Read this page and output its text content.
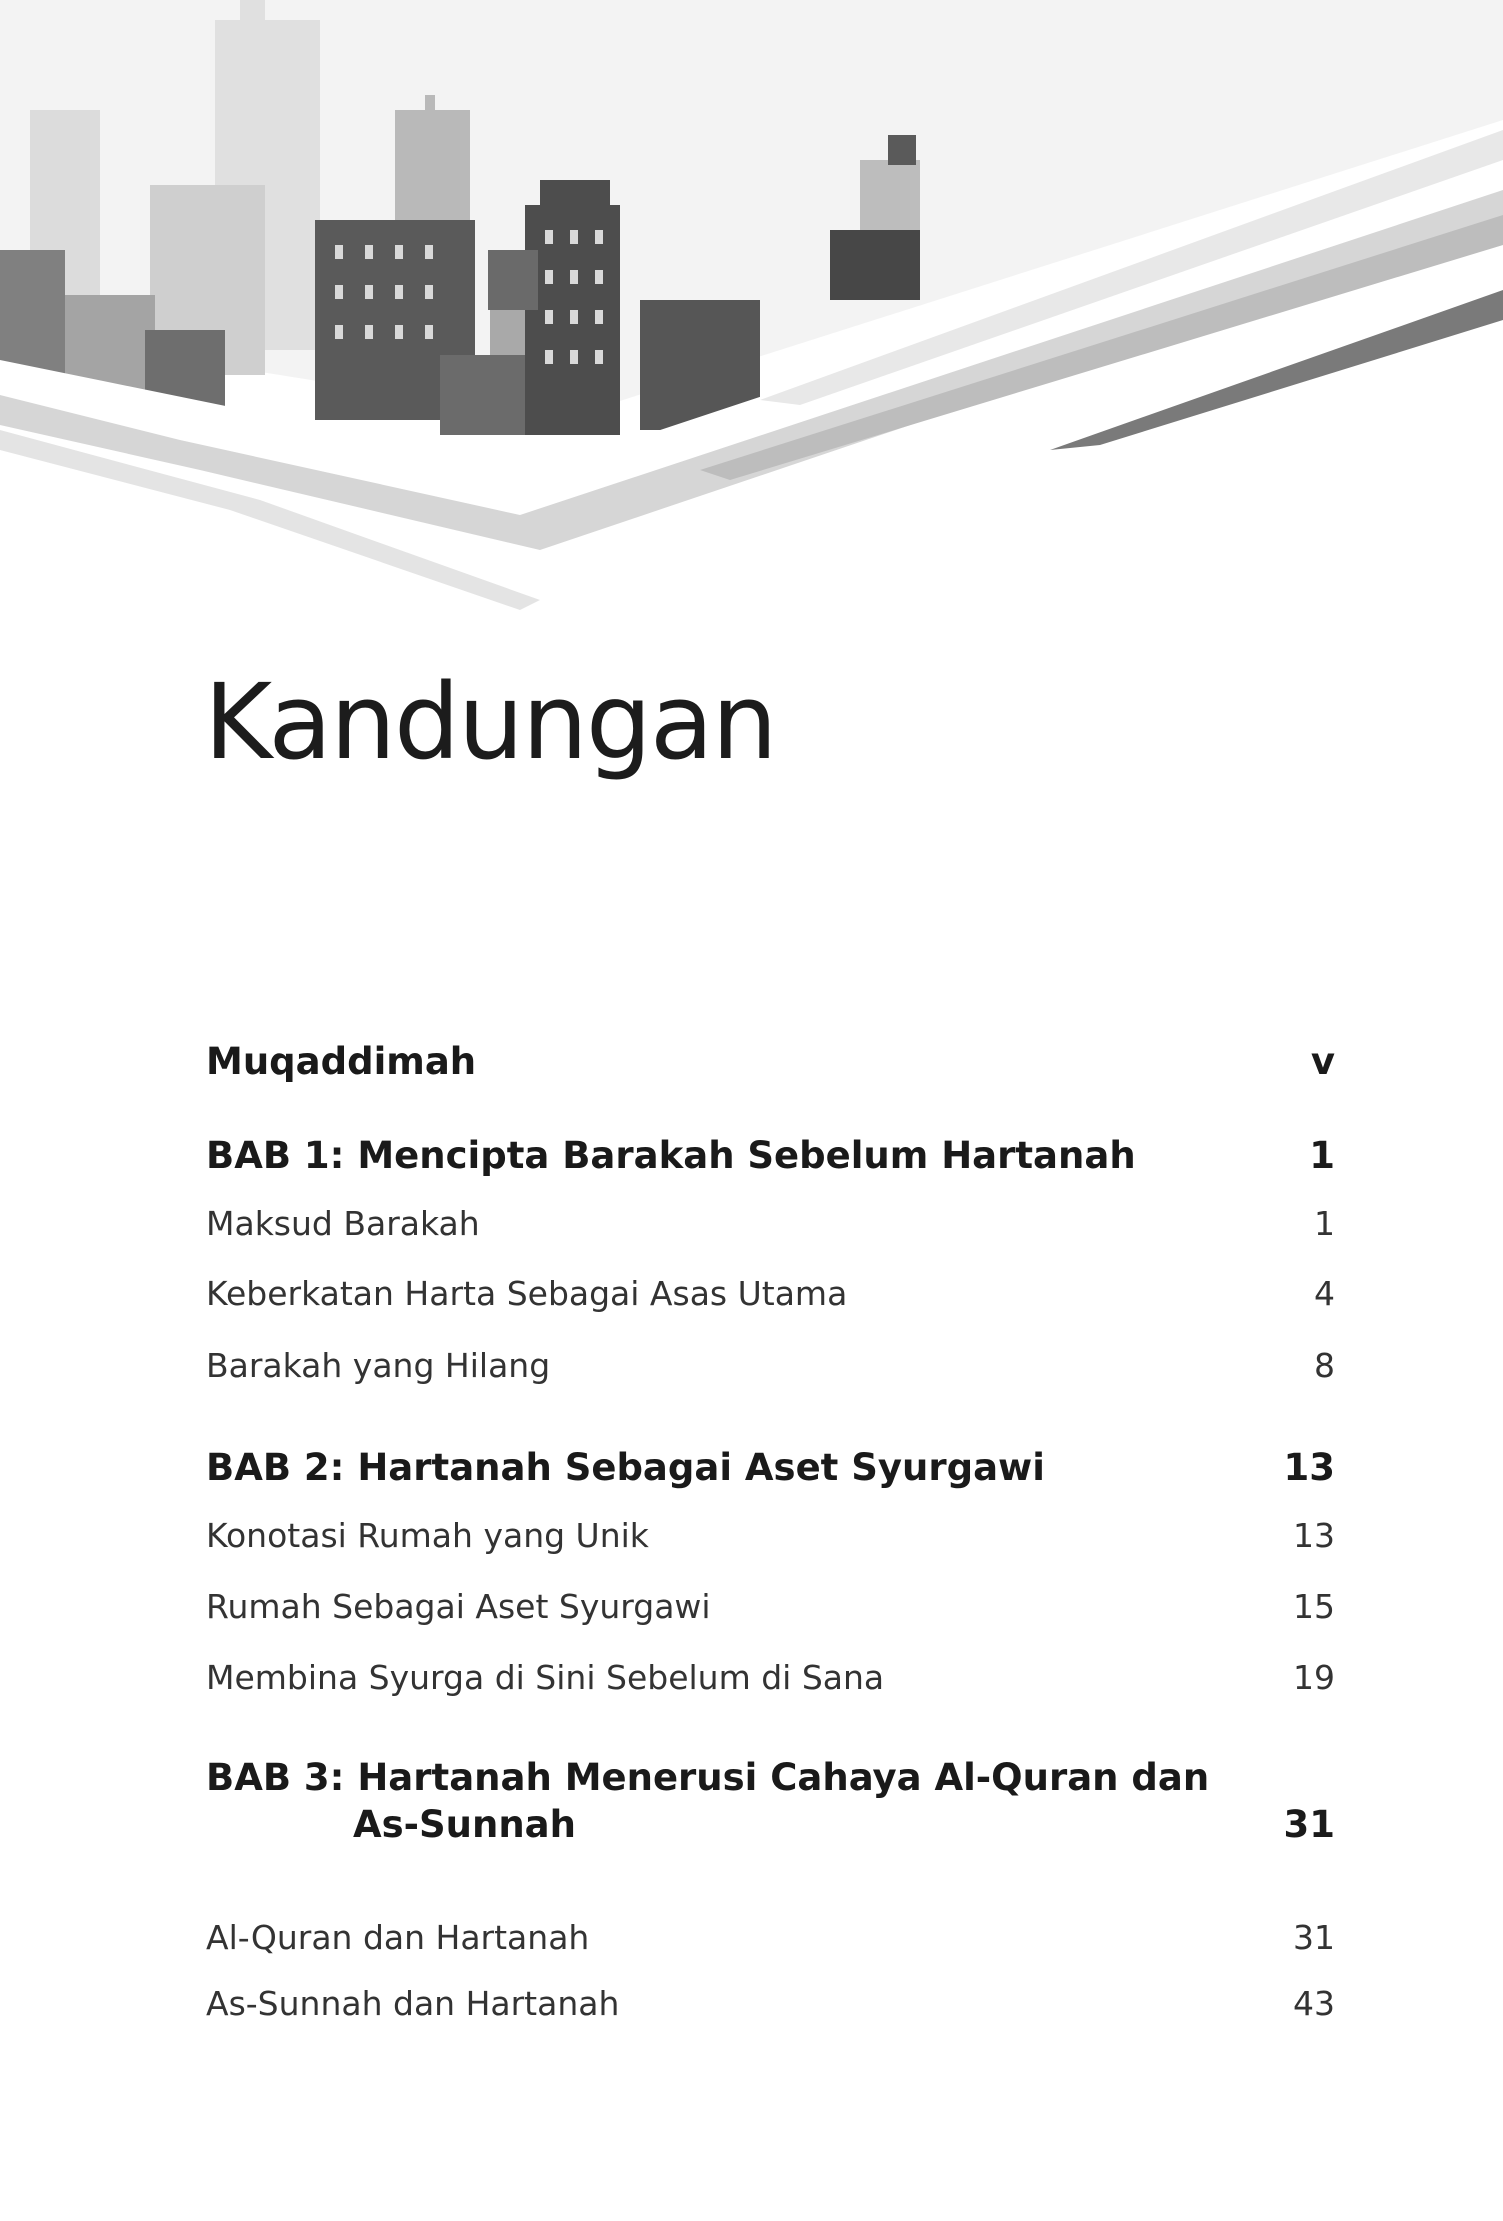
Kandungan
Muqaddimah	v
BAB 1: Mencipta Barakah Sebelum Hartanah	1
Maksud Barakah	1
Keberkatan Harta Sebagai Asas Utama	4
Barakah yang Hilang	8
BAB 2: Hartanah Sebagai Aset Syurgawi	13
Konotasi Rumah yang Unik	13
Rumah Sebagai Aset Syurgawi	15
Membina Syurga di Sini Sebelum di Sana	19
BAB 3: Hartanah Menerusi Cahaya Al-Quran dan
As-Sunnah	31
Al-Quran dan Hartanah	31
As-Sunnah dan Hartanah	43
